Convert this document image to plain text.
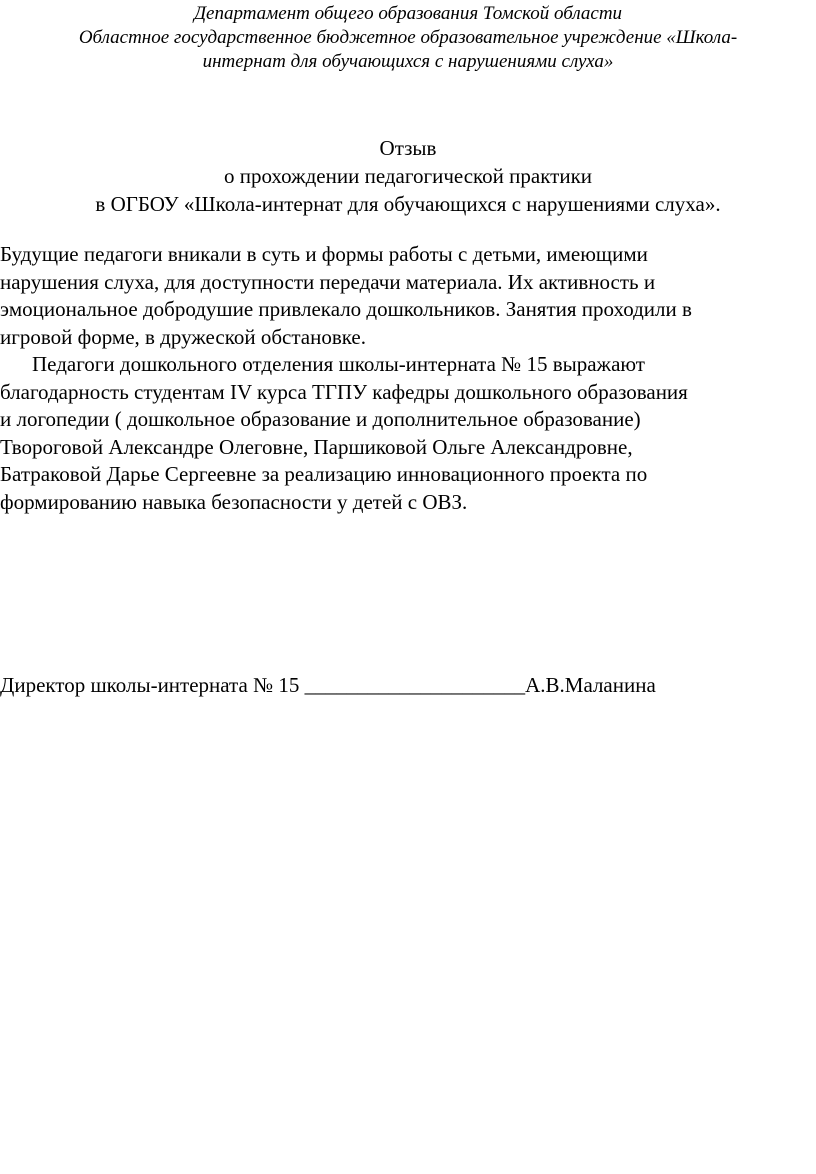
Департамент общего образования Томской области
Областное государственное бюджетное образовательное учреждение «Школа-
интернат для обучающихся с нарушениями слуха»
Отзыв
о прохождении педагогической практики
в ОГБОУ «Школа-интернат для обучающихся с нарушениями слуха».
Будущие педагоги вникали в суть и формы работы с детьми, имеющими
нарушения слуха, для доступности передачи материала. Их активность и
эмоциональное добродушие привлекало дошкольников. Занятия проходили в
игровой форме, в дружеской обстановке.
Педагоги дошкольного отделения школы-интерната № 15 выражают
благодарность студентам IV курса ТГПУ кафедры дошкольного образования
и логопедии ( дошкольное образование и дополнительное образование)
Твороговой Александре Олеговне, Паршиковой Ольге Александровне,
Батраковой Дарье Сергеевне за реализацию инновационного проекта по
формированию навыка безопасности у детей с ОВЗ.
Директор школы-интерната № 15 _____________________А.В.Маланина
